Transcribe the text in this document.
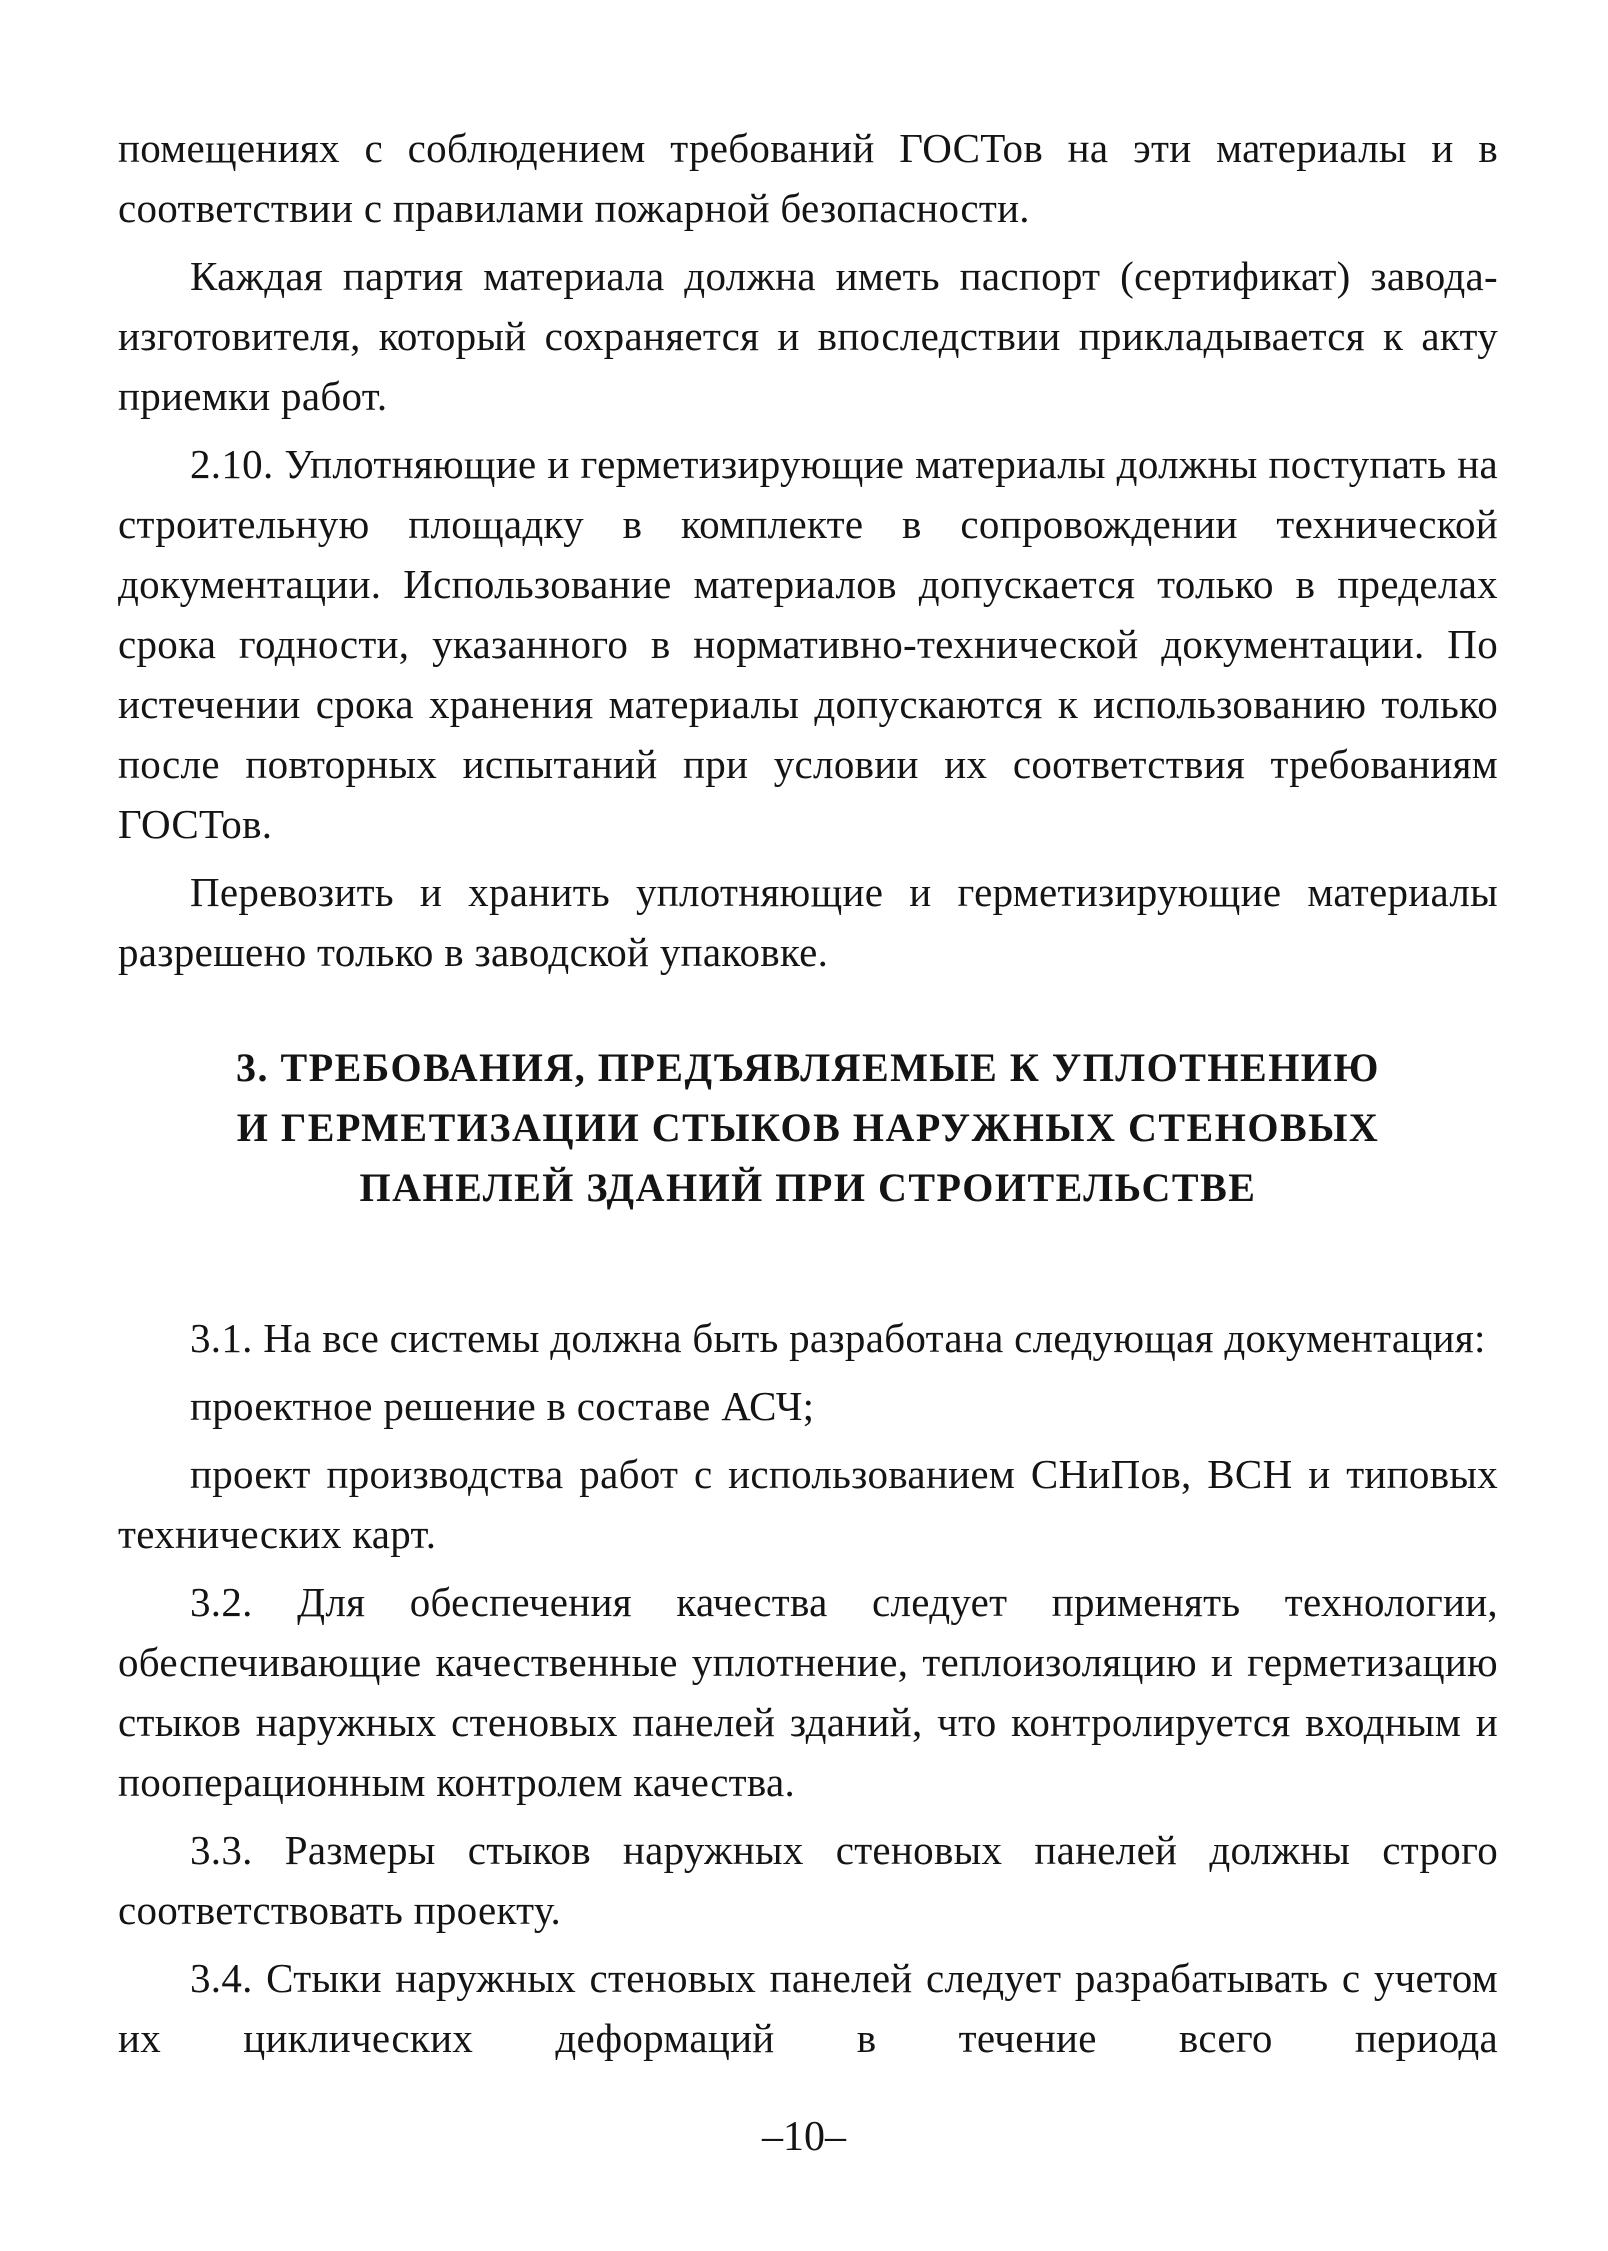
помещениях с соблюдением требований ГОСТов на эти материалы и в соответствии с правилами пожарной безопасности.

Каждая партия материала должна иметь паспорт (сертификат) завода-изготовителя, который сохраняется и впоследствии прикладывается к акту приемки работ.

2.10. Уплотняющие и герметизирующие материалы должны поступать на строительную площадку в комплекте в сопровождении технической документации. Использование материалов допускается только в пределах срока годности, указанного в нормативно-технической документации. По истечении срока хранения материалы допускаются к использованию только после повторных испытаний при условии их соответствия требованиям ГОСТов.

Перевозить и хранить уплотняющие и герметизирующие материалы разрешено только в заводской упаковке.

3. ТРЕБОВАНИЯ, ПРЕДЪЯВЛЯЕМЫЕ К УПЛОТНЕНИЮ
И ГЕРМЕТИЗАЦИИ СТЫКОВ НАРУЖНЫХ СТЕНОВЫХ
ПАНЕЛЕЙ ЗДАНИЙ ПРИ СТРОИТЕЛЬСТВЕ

3.1. На все системы должна быть разработана следующая документация:

проектное решение в составе АСЧ;

проект производства работ с использованием СНиПов, ВСН и типовых технических карт.

3.2. Для обеспечения качества следует применять технологии, обеспечивающие качественные уплотнение, теплоизоляцию и герметизацию стыков наружных стеновых панелей зданий, что контролируется входным и пооперационным контролем качества.

3.3. Размеры стыков наружных стеновых панелей должны строго соответствовать проекту.

3.4. Стыки наружных стеновых панелей следует разрабатывать с учетом их циклических деформаций в течение всего периода

–10–
